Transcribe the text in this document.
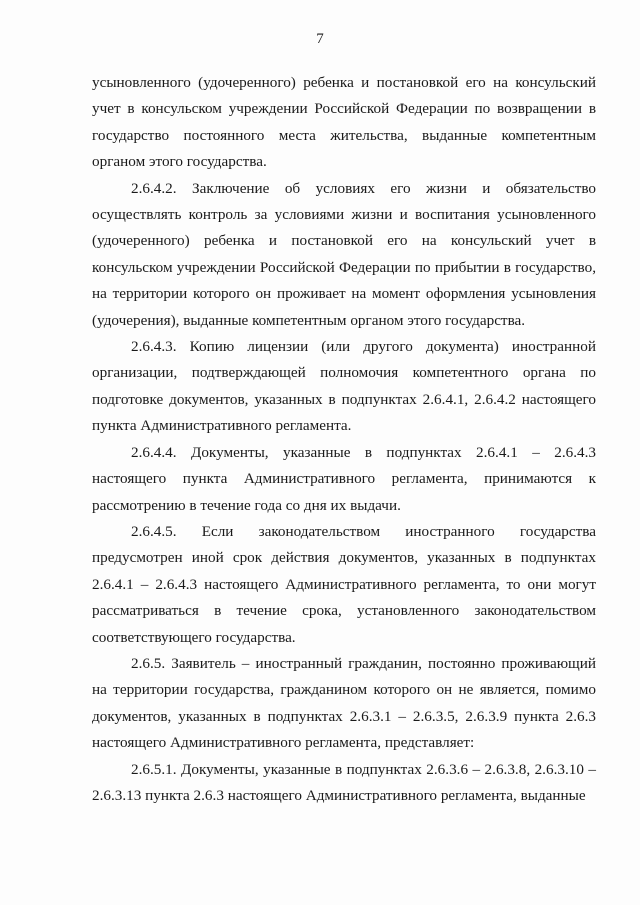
7

усыновленного (удочеренного) ребенка и постановкой его на консульский учет в консульском учреждении Российской Федерации по возвращении в государство постоянного места жительства, выданные компетентным органом этого государства.

2.6.4.2. Заключение об условиях его жизни и обязательство осуществлять контроль за условиями жизни и воспитания усыновленного (удочеренного) ребенка и постановкой его на консульский учет в консульском учреждении Российской Федерации по прибытии в государство, на территории которого он проживает на момент оформления усыновления (удочерения), выданные компетентным органом этого государства.

2.6.4.3. Копию лицензии (или другого документа) иностранной организации, подтверждающей полномочия компетентного органа по подготовке документов, указанных в подпунктах 2.6.4.1, 2.6.4.2 настоящего пункта Административного регламента.

2.6.4.4. Документы, указанные в подпунктах 2.6.4.1 – 2.6.4.3 настоящего пункта Административного регламента, принимаются к рассмотрению в течение года со дня их выдачи.

2.6.4.5. Если законодательством иностранного государства предусмотрен иной срок действия документов, указанных в подпунктах 2.6.4.1 – 2.6.4.3 настоящего Административного регламента, то они могут рассматриваться в течение срока, установленного законодательством соответствующего государства.

2.6.5. Заявитель – иностранный гражданин, постоянно проживающий на территории государства, гражданином которого он не является, помимо документов, указанных в подпунктах 2.6.3.1 – 2.6.3.5, 2.6.3.9 пункта 2.6.3 настоящего Административного регламента, представляет:

2.6.5.1. Документы, указанные в подпунктах 2.6.3.6 – 2.6.3.8, 2.6.3.10 – 2.6.3.13 пункта 2.6.3 настоящего Административного регламента, выданные
